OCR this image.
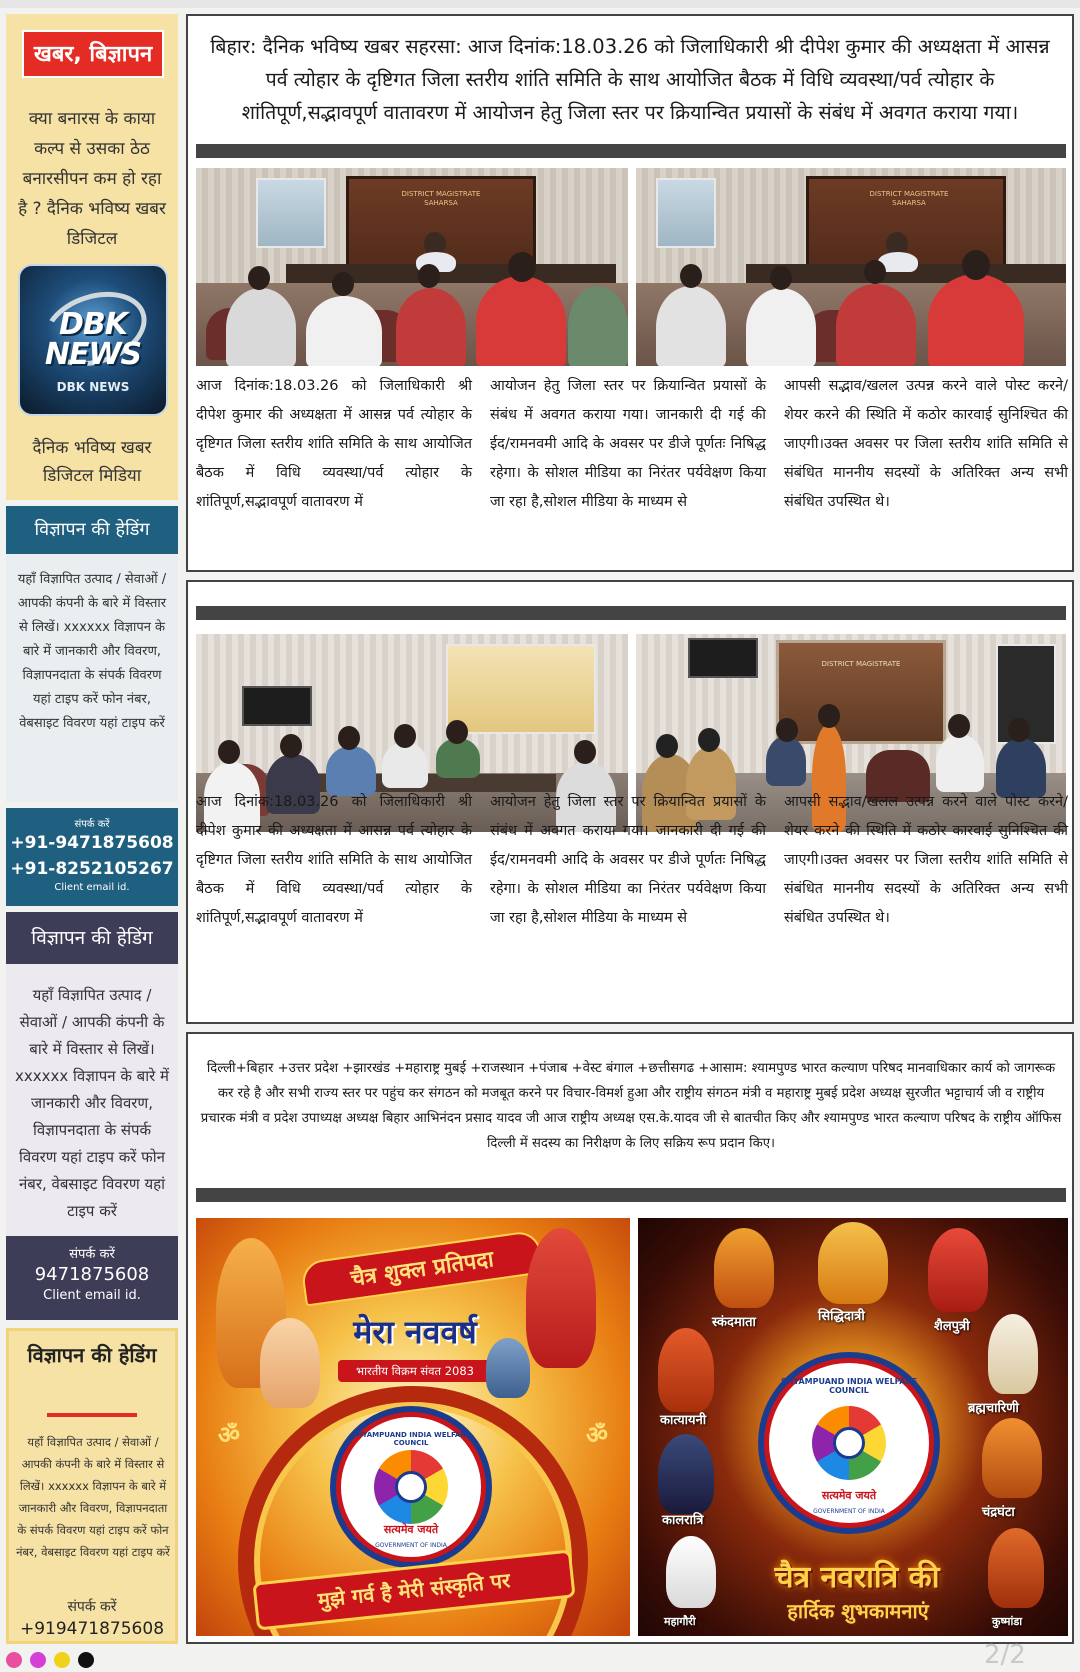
खबर, बिज्ञापन
क्या बनारस के काया कल्प से उसका ठेठ बनारसीपन कम हो रहा है ? दैनिक भविष्य खबर डिजिटल
DBK NEWS
DBK NEWS
दैनिक भविष्य खबर डिजिटल मिडिया
विज्ञापन की हेडिंग
यहाँ विज्ञापित उत्पाद / सेवाओं / आपकी कंपनी के बारे में विस्तार से लिखें। xxxxxx विज्ञापन के बारे में जानकारी और विवरण, विज्ञापनदाता के संपर्क विवरण यहां टाइप करें फोन नंबर, वेबसाइट विवरण यहां टाइप करें
संपर्क करें
+91-9471875608
+91-8252105267
Client email id.
विज्ञापन की हेडिंग
यहाँ विज्ञापित उत्पाद / सेवाओं / आपकी कंपनी के बारे में विस्तार से लिखें। xxxxxx विज्ञापन के बारे में जानकारी और विवरण, विज्ञापनदाता के संपर्क विवरण यहां टाइप करें फोन नंबर, वेबसाइट विवरण यहां टाइप करें
संपर्क करें
9471875608
Client email id.
विज्ञापन की हेडिंग
यहाँ विज्ञापित उत्पाद / सेवाओं / आपकी कंपनी के बारे में विस्तार से लिखें। xxxxxx विज्ञापन के बारे में जानकारी और विवरण, विज्ञापनदाता के संपर्क विवरण यहां टाइप करें फोन नंबर, वेबसाइट विवरण यहां टाइप करें
संपर्क करें
+919471875608
बिहार: दैनिक भविष्य खबर सहरसा: आज दिनांक:18.03.26 को जिलाधिकारी श्री दीपेश कुमार की अध्यक्षता में आसन्न पर्व त्योहार के दृष्टिगत जिला स्तरीय शांति समिति के साथ आयोजित बैठक में विधि व्यवस्था/पर्व त्योहार के शांतिपूर्ण,सद्भावपूर्ण वातावरण में आयोजन हेतु जिला स्तर पर क्रियान्वित प्रयासों के संबंध में अवगत कराया गया।
DISTRICT MAGISTRATE SAHARSA
DISTRICT MAGISTRATE SAHARSA

आज दिनांक:18.03.26 को जिलाधिकारी श्री दीपेश कुमार की अध्यक्षता में आसन्न पर्व त्योहार के दृष्टिगत जिला स्तरीय शांति समिति के साथ आयोजित बैठक में विधि व्यवस्था/पर्व त्योहार के शांतिपूर्ण,सद्भावपूर्ण वातावरण में

आयोजन हेतु जिला स्तर पर क्रियान्वित प्रयासों के संबंध में अवगत कराया गया। जानकारी दी गई की ईद/रामनवमी आदि के अवसर पर डीजे पूर्णतः निषिद्ध रहेगा। के सोशल मीडिया का निरंतर पर्यवेक्षण किया जा रहा है,सोशल मीडिया के माध्यम से

आपसी सद्भाव/खलल उत्पन्न करने वाले पोस्ट करने/शेयर करने की स्थिति में कठोर कारवाई सुनिश्चित की जाएगी।उक्त अवसर पर जिला स्तरीय शांति समिति से संबंधित माननीय सदस्यों के अतिरिक्त अन्य सभी संबंधित उपस्थित थे।

DISTRICT MAGISTRATE

आज दिनांक:18.03.26 को जिलाधिकारी श्री दीपेश कुमार की अध्यक्षता में आसन्न पर्व त्योहार के दृष्टिगत जिला स्तरीय शांति समिति के साथ आयोजित बैठक में विधि व्यवस्था/पर्व त्योहार के शांतिपूर्ण,सद्भावपूर्ण वातावरण में

आयोजन हेतु जिला स्तर पर क्रियान्वित प्रयासों के संबंध में अवगत कराया गया। जानकारी दी गई की ईद/रामनवमी आदि के अवसर पर डीजे पूर्णतः निषिद्ध रहेगा। के सोशल मीडिया का निरंतर पर्यवेक्षण किया जा रहा है,सोशल मीडिया के माध्यम से

आपसी सद्भाव/खलल उत्पन्न करने वाले पोस्ट करने/शेयर करने की स्थिति में कठोर कारवाई सुनिश्चित की जाएगी।उक्त अवसर पर जिला स्तरीय शांति समिति से संबंधित माननीय सदस्यों के अतिरिक्त अन्य सभी संबंधित उपस्थित थे।

दिल्ली+बिहार +उत्तर प्रदेश +झारखंड +महाराष्ट्र मुबई +राजस्थान +पंजाब +वेस्ट बंगाल +छत्तीसगढ +आसाम: श्यामपुण्ड भारत कल्याण परिषद मानवाधिकार कार्य को जागरूक कर रहे है और सभी राज्य स्तर पर पहुंच कर संगठन को मजबूत करने पर विचार-विमर्श हुआ और राष्ट्रीय संगठन मंत्री व महाराष्ट्र मुबई प्रदेश अध्यक्ष सुरजीत भट्टाचार्य जी व राष्ट्रीय प्रचारक मंत्री व प्रदेश उपाध्यक्ष अध्यक्ष बिहार आभिनंदन प्रसाद यादव जी आज राष्ट्रीय अध्यक्ष एस.के.यादव जी से बातचीत किए और श्यामपुण्ड भारत कल्याण परिषद के राष्ट्रीय ऑफिस दिल्ली में सदस्य का निरीक्षण के लिए सक्रिय रूप प्रदान किए।
चैत्र शुक्ल प्रतिपदा
मेरा नववर्ष
भारतीय विक्रम संवत 2083
ॐ	ॐ
SHYAMPUAND INDIA WELFARE COUNCIL
सत्यमेव जयते
GOVERNMENT OF INDIA
मुझे गर्व है मेरी संस्कृति पर
स्कंदमाता	सिद्धिदात्री
शैलपुत्री
कात्यायनी
ब्रह्मचारिणी
कालरात्रि
चंद्रघंटा
महागौरी	कुष्मांडा
SHYAMPUAND INDIA WELFARE COUNCIL
सत्यमेव जयते
GOVERNMENT OF INDIA
चैत्र नवरात्रि की
हार्दिक शुभकामनाएं
2/2
